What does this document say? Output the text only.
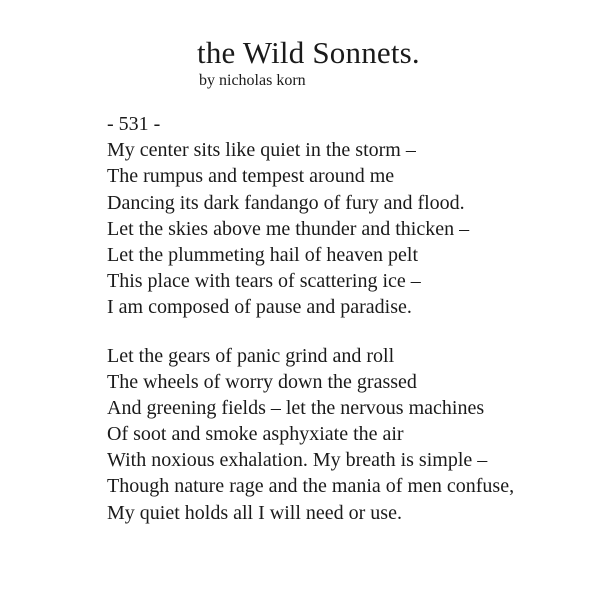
the Wild Sonnets.

by nicholas korn

- 531 -
My center sits like quiet in the storm –
The rumpus and tempest around me
Dancing its dark fandango of fury and flood.
Let the skies above me thunder and thicken –
Let the plummeting hail of heaven pelt
This place with tears of scattering ice –
I am composed of pause and paradise.
Let the gears of panic grind and roll
The wheels of worry down the grassed
And greening fields – let the nervous machines
Of soot and smoke asphyxiate the air
With noxious exhalation. My breath is simple –
Though nature rage and the mania of men confuse,
My quiet holds all I will need or use.
